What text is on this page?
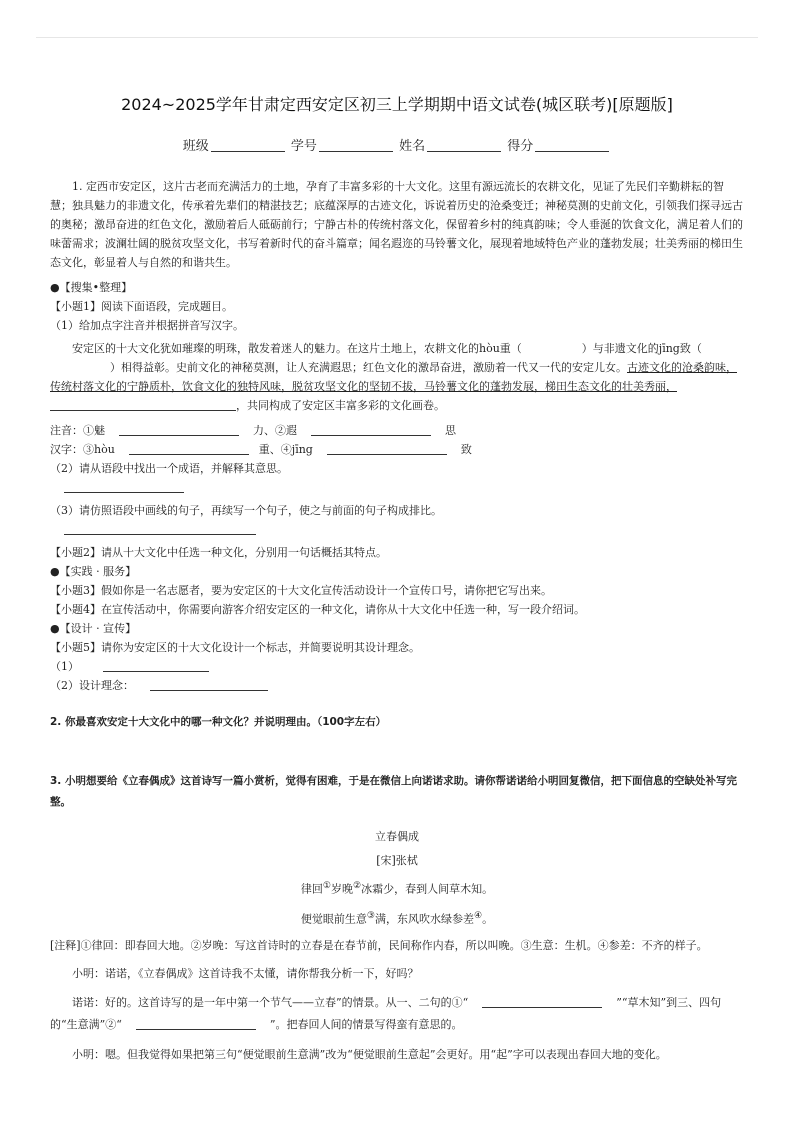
2024~2025学年甘肃定西安定区初三上学期期中语文试卷(城区联考)[原题版]
班级	学号	姓名	得分

1. 定西市安定区，这片古老而充满活力的土地，孕育了丰富多彩的十大文化。这里有源远流长的农耕文化，见证了先民们辛勤耕耘的智慧；独具魅力的非遗文化，传承着先辈们的精湛技艺；底蕴深厚的古迹文化，诉说着历史的沧桑变迁；神秘莫测的史前文化，引领我们探寻远古的奥秘；激昂奋进的红色文化，激励着后人砥砺前行；宁静古朴的传统村落文化，保留着乡村的纯真韵味；令人垂涎的饮食文化，满足着人们的味蕾需求；波澜壮阔的脱贫攻坚文化，书写着新时代的奋斗篇章；闻名遐迩的马铃薯文化，展现着地域特色产业的蓬勃发展；壮美秀丽的梯田生态文化，彰显着人与自然的和谐共生。

●【搜集•整理】

【小题1】阅读下面语段，完成题目。

（1）给加点字注音并根据拼音写汉字。

安定区的十大文化犹如璀璨的明珠，散发着迷人的魅力。在这片土地上，农耕文化的hòu重（	）与非遗文化的jīng致（）相得益彰。史前文化的神秘莫测，让人充满遐思；红色文化的激昂奋进，激励着一代又一代的安定儿女。古迹文化的沧桑韵味，传统村落文化的宁静质朴，饮食文化的独特风味，脱贫攻坚文化的坚韧不拔，马铃薯文化的蓬勃发展，梯田生态文化的壮美秀丽，，共同构成了安定区丰富多彩的文化画卷。

注音：①魅	力、②遐	思

汉字：③hòu	重、④jīng	致

（2）请从语段中找出一个成语，并解释其意思。

（3）请仿照语段中画线的句子，再续写一个句子，使之与前面的句子构成排比。

【小题2】请从十大文化中任选一种文化，分别用一句话概括其特点。

●【实践 · 服务】

【小题3】假如你是一名志愿者，要为安定区的十大文化宣传活动设计一个宣传口号，请你把它写出来。

【小题4】在宣传活动中，你需要向游客介绍安定区的一种文化，请你从十大文化中任选一种，写一段介绍词。

●【设计 · 宣传】

【小题5】请你为安定区的十大文化设计一个标志，并简要说明其设计理念。

（1）

（2）设计理念：

2. 你最喜欢安定十大文化中的哪一种文化？并说明理由。（100字左右）

3. 小明想要给《立春偶成》这首诗写一篇小赏析，觉得有困难，于是在微信上向诺诺求助。请你帮诺诺给小明回复微信，把下面信息的空缺处补写完整。

立春偶成

[宋]张栻

律回①岁晚②冰霜少，春到人间草木知。

便觉眼前生意③满，东风吹水绿参差④。

[注释]①律回：即春回大地。②岁晚：写这首诗时的立春是在春节前，民间称作内春，所以叫晚。③生意：生机。④参差：不齐的样子。

小明：诺诺，《立春偶成》这首诗我不太懂，请你帮我分析一下，好吗？

诺诺：好的。这首诗写的是一年中第一个节气——立春”的情景。从一、二句的①“	”“草木知”到三、四句的“生意满”②“	”。把春回人间的情景写得蛮有意思的。

小明：嗯。但我觉得如果把第三句“便觉眼前生意满”改为“便觉眼前生意起”会更好。用“起”字可以表现出春回大地的变化。
